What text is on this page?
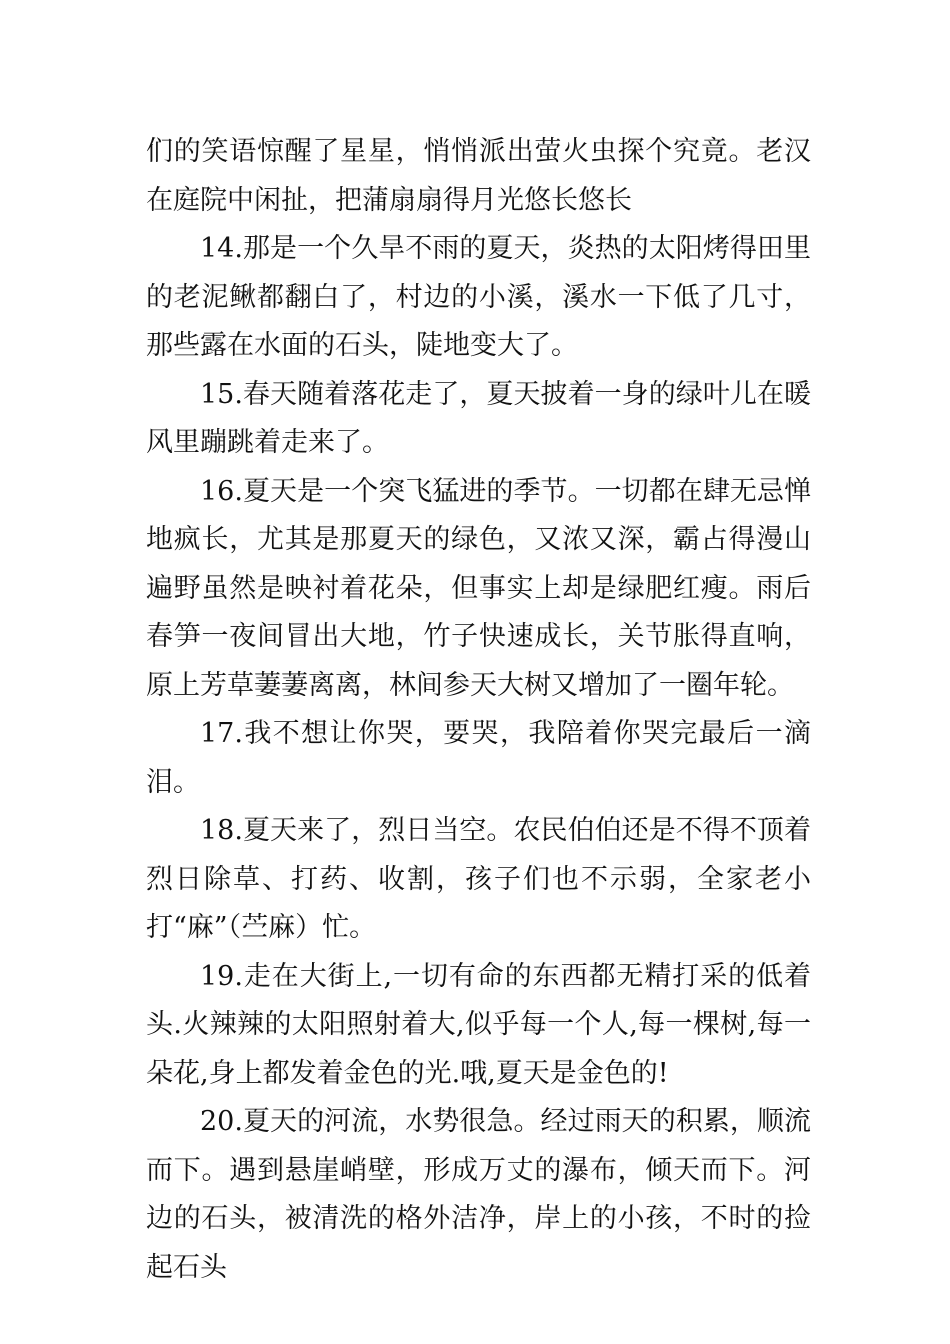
们的笑语惊醒了星星，悄悄派出萤火虫探个究竟。老汉在庭院中闲扯，把蒲扇扇得月光悠长悠长

14.那是一个久旱不雨的夏天，炎热的太阳烤得田里的老泥鳅都翻白了，村边的小溪，溪水一下低了几寸，那些露在水面的石头，陡地变大了。

15.春天随着落花走了，夏天披着一身的绿叶儿在暖风里蹦跳着走来了。

16.夏天是一个突飞猛进的季节。一切都在肆无忌惮地疯长，尤其是那夏天的绿色，又浓又深，霸占得漫山遍野虽然是映衬着花朵，但事实上却是绿肥红瘦。雨后春笋一夜间冒出大地，竹子快速成长，关节胀得直响，原上芳草萋萋离离，林间参天大树又增加了一圈年轮。

17.我不想让你哭，要哭，我陪着你哭完最后一滴泪。

18.夏天来了，烈日当空。农民伯伯还是不得不顶着烈日除草、打药、收割，孩子们也不示弱，全家老小打“麻”（苎麻）忙。

19.走在大街上,一切有命的东西都无精打采的低着头.火辣辣的太阳照射着大,似乎每一个人,每一棵树,每一朵花,身上都发着金色的光.哦,夏天是金色的!

20.夏天的河流，水势很急。经过雨天的积累，顺流而下。遇到悬崖峭壁，形成万丈的瀑布，倾天而下。河边的石头，被清洗的格外洁净，岸上的小孩，不时的捡起石头
